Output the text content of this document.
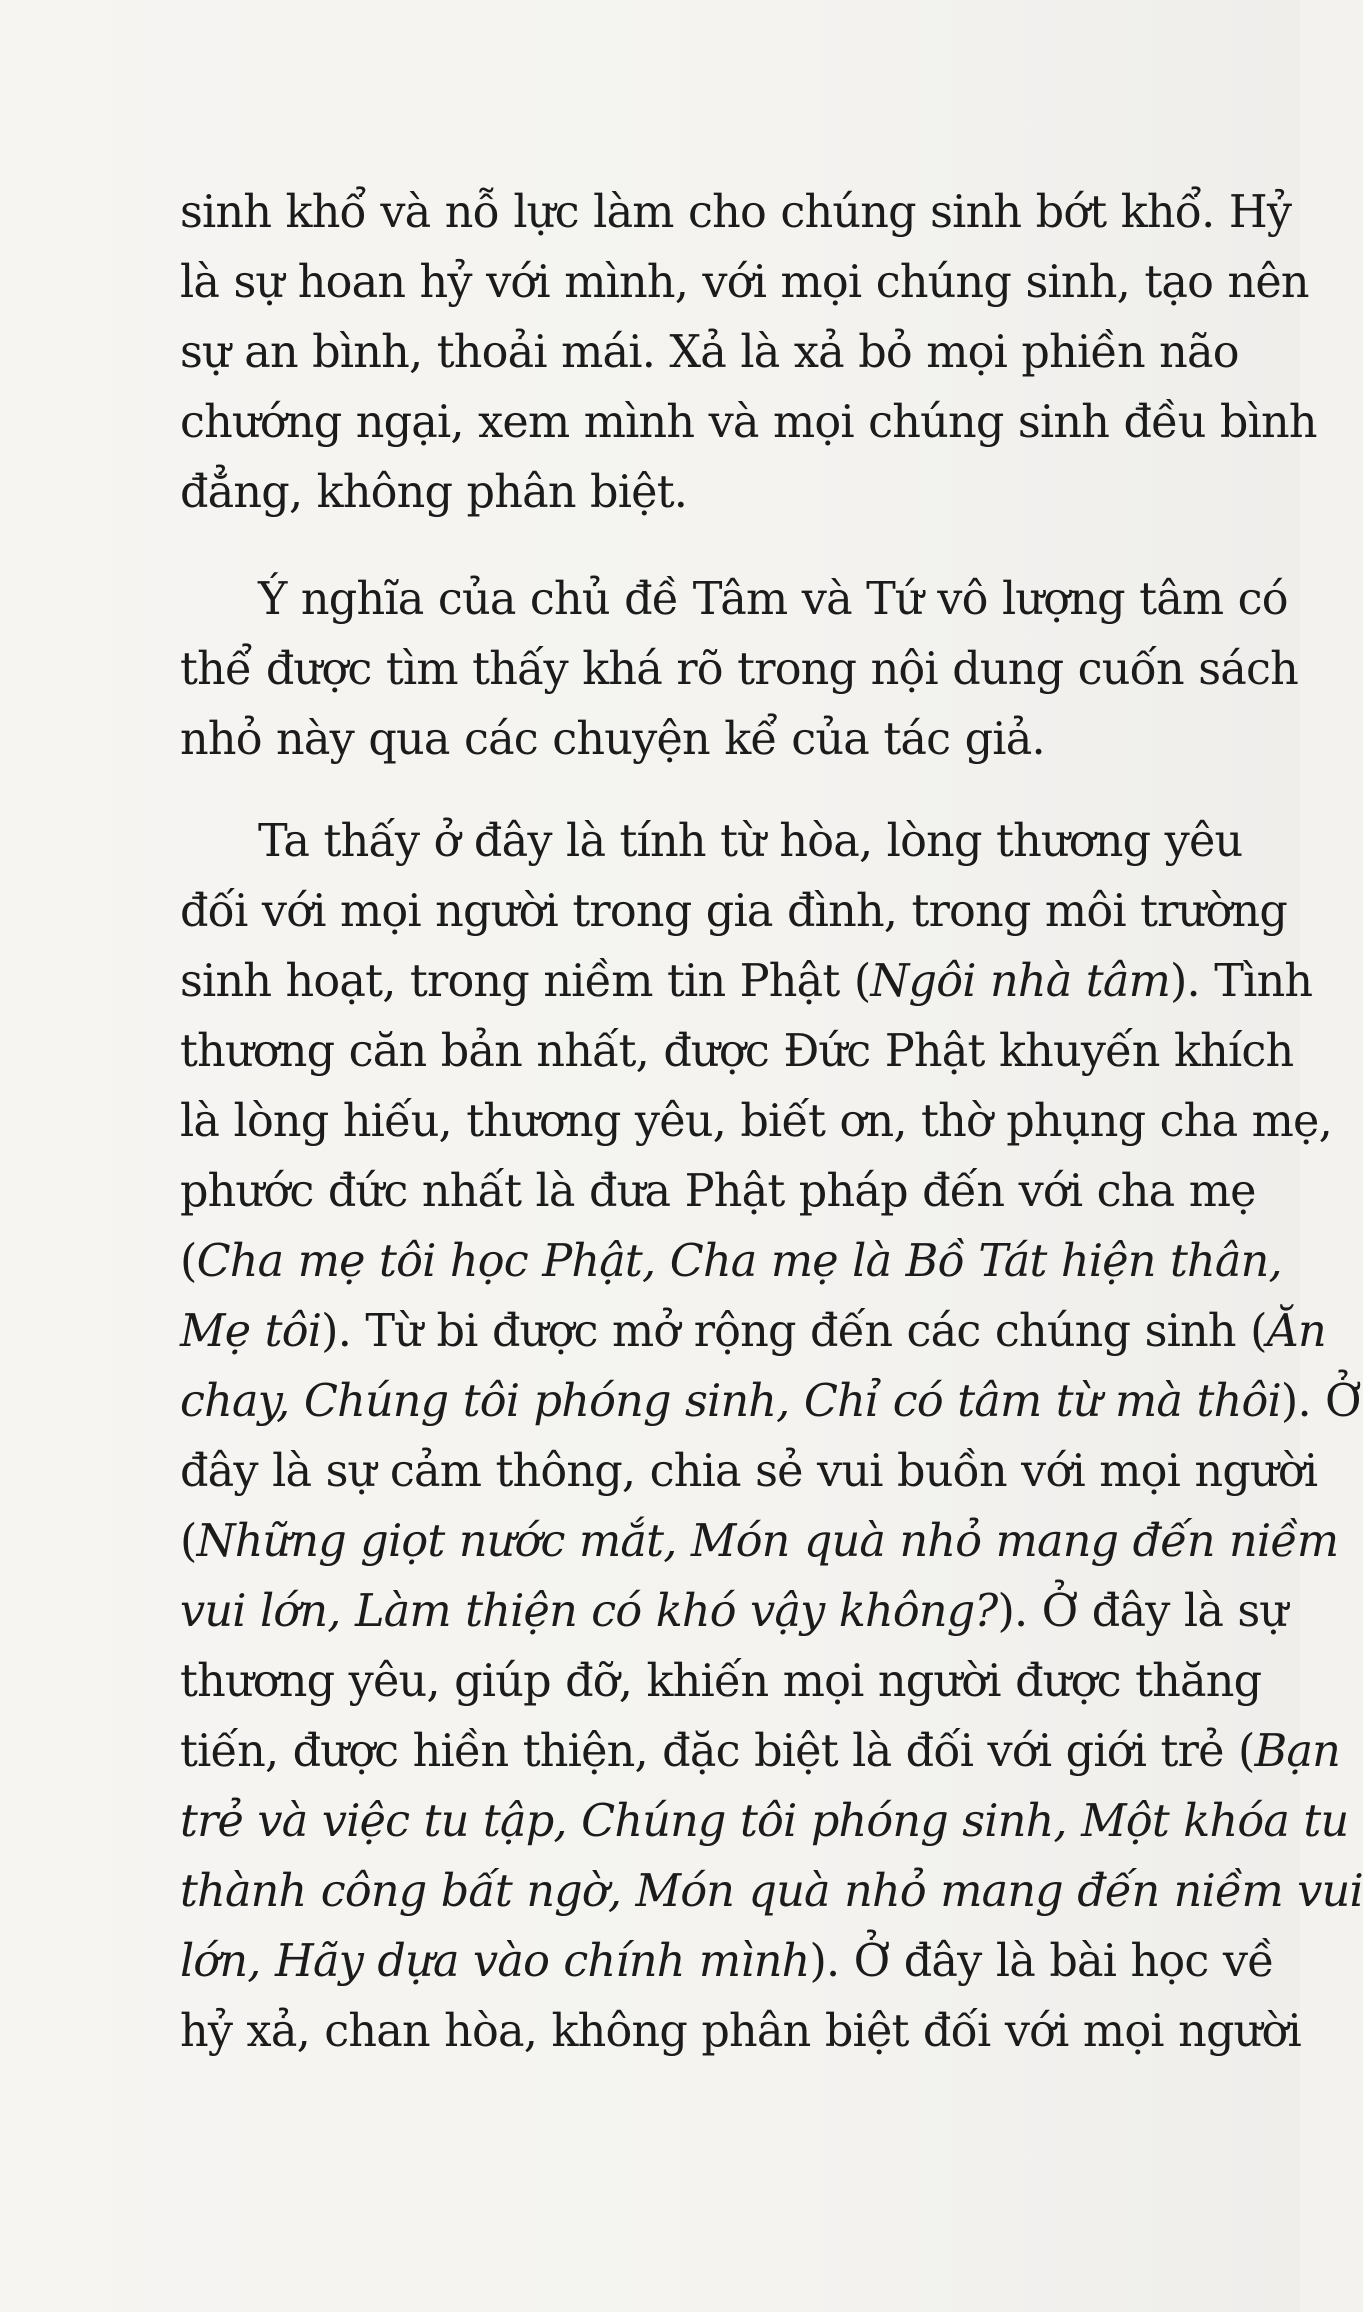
sinh khổ và nỗ lực làm cho chúng sinh bớt khổ. Hỷ
là sự hoan hỷ với mình, với mọi chúng sinh, tạo nên
sự an bình, thoải mái. Xả là xả bỏ mọi phiền não
chướng ngại, xem mình và mọi chúng sinh đều bình
đẳng, không phân biệt.
Ý nghĩa của chủ đề Tâm và Tứ vô lượng tâm có
thể được tìm thấy khá rõ trong nội dung cuốn sách
nhỏ này qua các chuyện kể của tác giả.
Ta thấy ở đây là tính từ hòa, lòng thương yêu
đối với mọi người trong gia đình, trong môi trường
sinh hoạt, trong niềm tin Phật (Ngôi nhà tâm). Tình
thương căn bản nhất, được Đức Phật khuyến khích
là lòng hiếu, thương yêu, biết ơn, thờ phụng cha mẹ,
phước đức nhất là đưa Phật pháp đến với cha mẹ
(Cha mẹ tôi học Phật, Cha mẹ là Bồ Tát hiện thân,
Mẹ tôi). Từ bi được mở rộng đến các chúng sinh (Ăn
chay, Chúng tôi phóng sinh, Chỉ có tâm từ mà thôi). Ở
đây là sự cảm thông, chia sẻ vui buồn với mọi người
(Những giọt nước mắt, Món quà nhỏ mang đến niềm
vui lớn, Làm thiện có khó vậy không?). Ở đây là sự
thương yêu, giúp đỡ, khiến mọi người được thăng
tiến, được hiền thiện, đặc biệt là đối với giới trẻ (Bạn
trẻ và việc tu tập, Chúng tôi phóng sinh, Một khóa tu
thành công bất ngờ, Món quà nhỏ mang đến niềm vui
lớn, Hãy dựa vào chính mình). Ở đây là bài học về
hỷ xả, chan hòa, không phân biệt đối với mọi người
